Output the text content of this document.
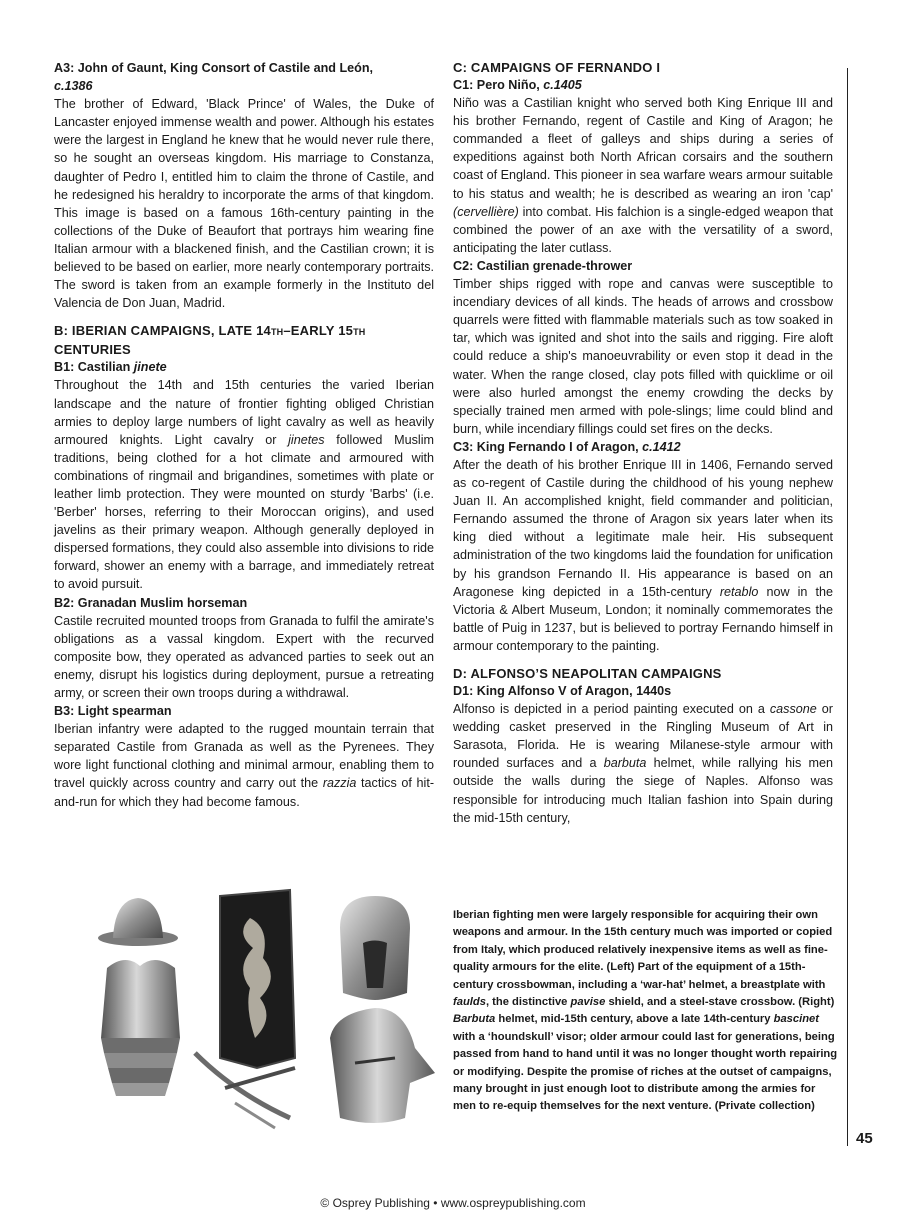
A3: John of Gaunt, King Consort of Castile and León,
c.1386

The brother of Edward, 'Black Prince' of Wales, the Duke of Lancaster enjoyed immense wealth and power. Although his estates were the largest in England he knew that he would never rule there, so he sought an overseas kingdom. His marriage to Constanza, daughter of Pedro I, entitled him to claim the throne of Castile, and he redesigned his heraldry to incorporate the arms of that kingdom. This image is based on a famous 16th-century painting in the collections of the Duke of Beaufort that portrays him wearing fine Italian armour with a blackened finish, and the Castilian crown; it is believed to be based on earlier, more nearly contemporary portraits. The sword is taken from an example formerly in the Instituto del Valencia de Don Juan, Madrid.

B: IBERIAN CAMPAIGNS, LATE 14TH–EARLY 15TH
CENTURIES
B1: Castilian jinete

Throughout the 14th and 15th centuries the varied Iberian landscape and the nature of frontier fighting obliged Christian armies to deploy large numbers of light cavalry as well as heavily armoured knights. Light cavalry or jinetes followed Muslim traditions, being clothed for a hot climate and armoured with combinations of ringmail and brigandines, sometimes with plate or leather limb protection. They were mounted on sturdy 'Barbs' (i.e. 'Berber' horses, referring to their Moroccan origins), and used javelins as their primary weapon. Although generally deployed in dispersed formations, they could also assemble into divisions to ride forward, shower an enemy with a barrage, and immediately retreat to avoid pursuit.

B2: Granadan Muslim horseman

Castile recruited mounted troops from Granada to fulfil the amirate's obligations as a vassal kingdom. Expert with the recurved composite bow, they operated as advanced parties to seek out an enemy, disrupt his logistics during deployment, pursue a retreating army, or screen their own troops during a withdrawal.

B3: Light spearman

Iberian infantry were adapted to the rugged mountain terrain that separated Castile from Granada as well as the Pyrenees. They wore light functional clothing and minimal armour, enabling them to travel quickly across country and carry out the razzia tactics of hit-and-run for which they had become famous.

C: CAMPAIGNS OF FERNANDO I
C1: Pero Niño, c.1405

Niño was a Castilian knight who served both King Enrique III and his brother Fernando, regent of Castile and King of Aragon; he commanded a fleet of galleys and ships during a series of expeditions against both North African corsairs and the southern coast of England. This pioneer in sea warfare wears armour suitable to his status and wealth; he is described as wearing an iron 'cap' (cervellière) into combat. His falchion is a single-edged weapon that combined the power of an axe with the versatility of a sword, anticipating the later cutlass.

C2: Castilian grenade-thrower

Timber ships rigged with rope and canvas were susceptible to incendiary devices of all kinds. The heads of arrows and crossbow quarrels were fitted with flammable materials such as tow soaked in tar, which was ignited and shot into the sails and rigging. Fire aloft could reduce a ship's manoeuvrability or even stop it dead in the water. When the range closed, clay pots filled with quicklime or oil were also hurled amongst the enemy crowding the decks by specially trained men armed with pole-slings; lime could blind and burn, while incendiary fillings could set fires on the decks.

C3: King Fernando I of Aragon, c.1412

After the death of his brother Enrique III in 1406, Fernando served as co-regent of Castile during the childhood of his young nephew Juan II. An accomplished knight, field commander and politician, Fernando assumed the throne of Aragon six years later when its king died without a legitimate male heir. His subsequent administration of the two kingdoms laid the foundation for unification by his grandson Fernando II. His appearance is based on an Aragonese king depicted in a 15th-century retablo now in the Victoria & Albert Museum, London; it nominally commemorates the battle of Puig in 1237, but is believed to portray Fernando himself in armour contemporary to the painting.

D: ALFONSO’S NEAPOLITAN CAMPAIGNS
D1: King Alfonso V of Aragon, 1440s

Alfonso is depicted in a period painting executed on a cassone or wedding casket preserved in the Ringling Museum of Art in Sarasota, Florida. He is wearing Milanese-style armour with rounded surfaces and a barbuta helmet, while rallying his men outside the walls during the siege of Naples. Alfonso was responsible for introducing much Italian fashion into Spain during the mid-15th century,

Iberian fighting men were largely responsible for acquiring their own weapons and armour. In the 15th century much was imported or copied from Italy, which produced relatively inexpensive items as well as fine-quality armours for the elite. (Left) Part of the equipment of a 15th-century crossbowman, including a ‘war-hat’ helmet, a breastplate with faulds, the distinctive pavise shield, and a steel-stave crossbow. (Right) Barbuta helmet, mid-15th century, above a late 14th-century bascinet with a ‘houndskull’ visor; older armour could last for generations, being passed from hand to hand until it was no longer thought worth repairing or modifying. Despite the promise of riches at the outset of campaigns, many brought in just enough loot to distribute among the armies for men to re-equip themselves for the next venture. (Private collection)
45
© Osprey Publishing • www.ospreypublishing.com
